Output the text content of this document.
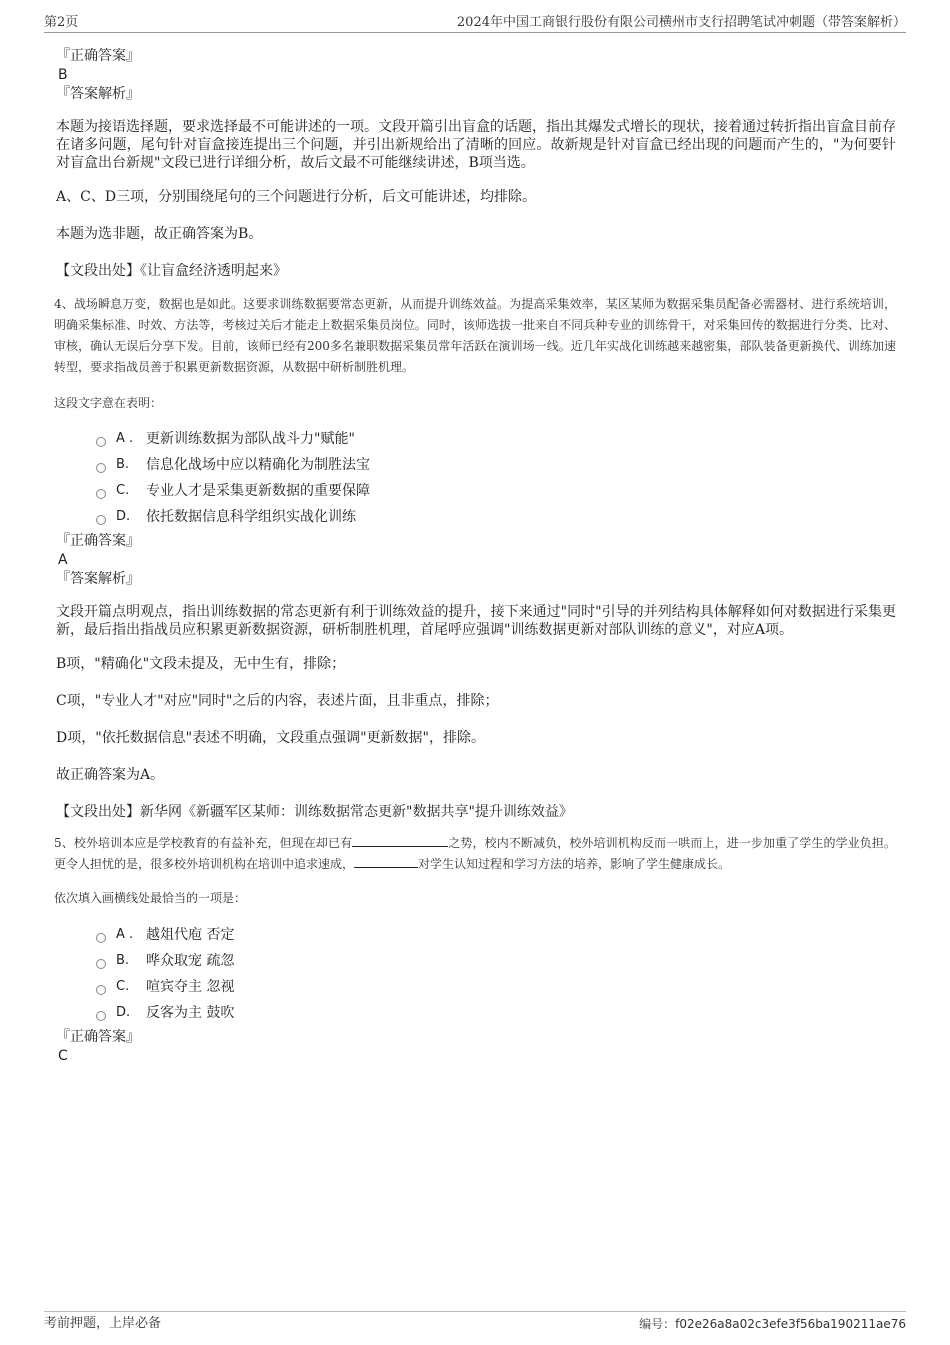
第2页	2024年中国工商银行股份有限公司横州市支行招聘笔试冲刺题（带答案解析）
『正确答案』
B
『答案解析』

本题为接语选择题，要求选择最不可能讲述的一项。文段开篇引出盲盒的话题，指出其爆发式增长的现状，接着通过转折指出盲盒目前存在诸多问题，尾句针对盲盒接连提出三个问题，并引出新规给出了清晰的回应。故新规是针对盲盒已经出现的问题而产生的，"为何要针对盲盒出台新规"文段已进行详细分析，故后文最不可能继续讲述，B项当选。

A、C、D三项，分别围绕尾句的三个问题进行分析，后文可能讲述，均排除。

本题为选非题，故正确答案为B。

【文段出处】《让盲盒经济透明起来》

4、战场瞬息万变，数据也是如此。这要求训练数据要常态更新，从而提升训练效益。为提高采集效率，某区某师为数据采集员配备必需器材、进行系统培训，明确采集标准、时效、方法等，考核过关后才能走上数据采集员岗位。同时，该师选拔一批来自不同兵种专业的训练骨干，对采集回传的数据进行分类、比对、审核，确认无误后分享下发。目前，该师已经有200多名兼职数据采集员常年活跃在演训场一线。近几年实战化训练越来越密集，部队装备更新换代、训练加速转型，要求指战员善于积累更新数据资源，从数据中研析制胜机理。

这段文字意在表明：
A . 更新训练数据为部队战斗力"赋能"
B.	信息化战场中应以精确化为制胜法宝
C.	专业人才是采集更新数据的重要保障
D.	依托数据信息科学组织实战化训练
『正确答案』
A
『答案解析』

文段开篇点明观点，指出训练数据的常态更新有利于训练效益的提升，接下来通过"同时"引导的并列结构具体解释如何对数据进行采集更新，最后指出指战员应积累更新数据资源，研析制胜机理，首尾呼应强调"训练数据更新对部队训练的意义"，对应A项。

B项，"精确化"文段未提及，无中生有，排除；

C项，"专业人才"对应"同时"之后的内容，表述片面，且非重点，排除；

D项，"依托数据信息"表述不明确，文段重点强调"更新数据"，排除。

故正确答案为A。

【文段出处】新华网《新疆军区某师：训练数据常态更新"数据共享"提升训练效益》

5、校外培训本应是学校教育的有益补充，但现在却已有	之势，校内不断减负，校外培训机构反而一哄而上，进一步加重了学生的学业负担。更令人担忧的是，很多校外培训机构在培训中追求速成，	对学生认知过程和学习方法的培养，影响了学生健康成长。

依次填入画横线处最恰当的一项是：
A . 越俎代庖 否定
B.	哗众取宠 疏忽
C.	喧宾夺主 忽视
D.	反客为主 鼓吹
『正确答案』
C
考前押题，上岸必备	编号：f02e26a8a02c3efe3f56ba190211ae76
